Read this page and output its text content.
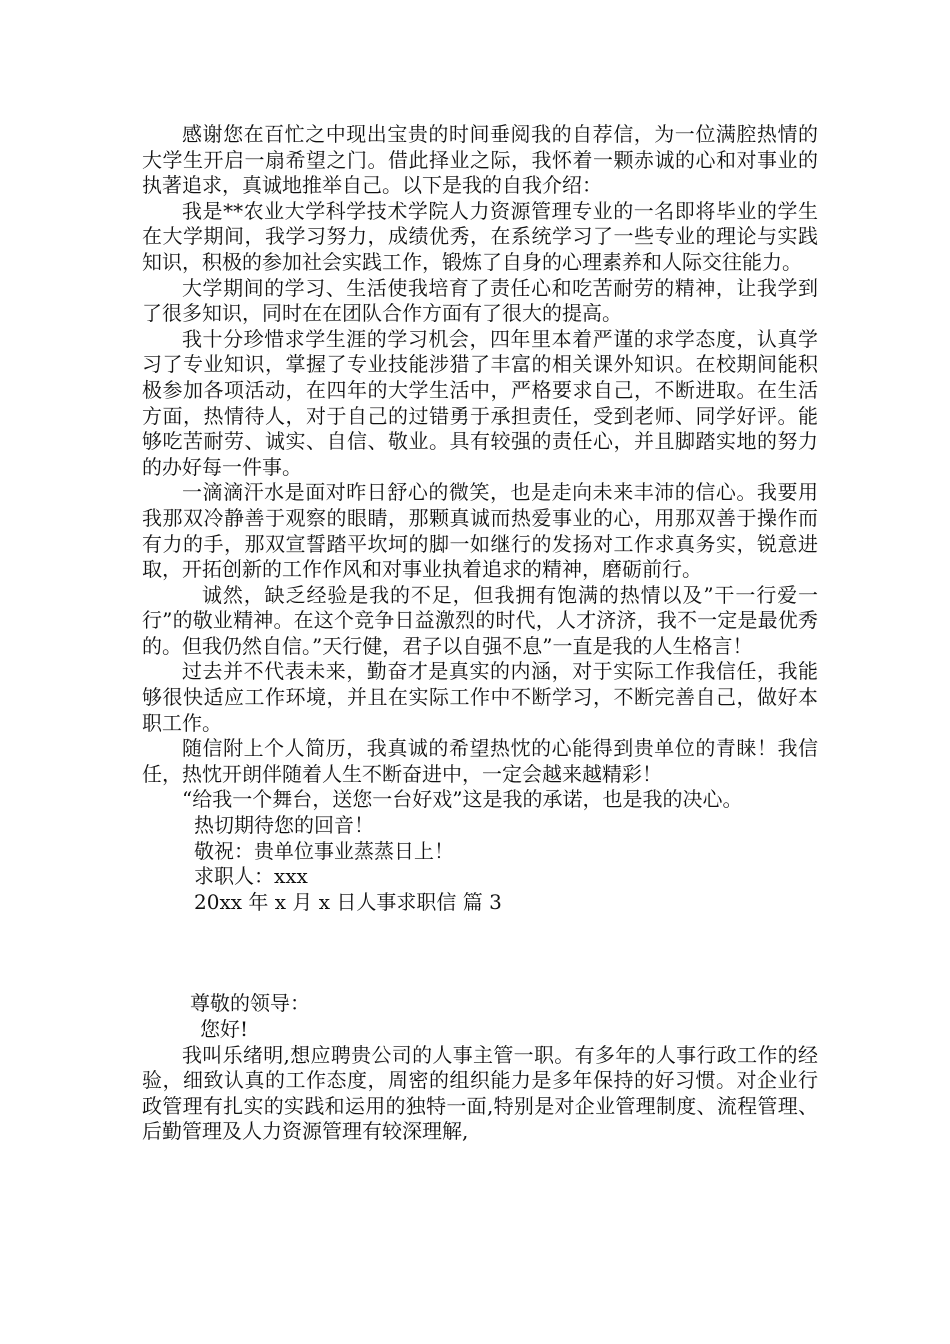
感谢您在百忙之中现出宝贵的时间垂阅我的自荐信，为一位满腔热情的大学生开启一扇希望之门。借此择业之际，我怀着一颗赤诚的心和对事业的执著追求，真诚地推举自己。以下是我的自我介绍：

我是**农业大学科学技术学院人力资源管理专业的一名即将毕业的学生在大学期间，我学习努力，成绩优秀，在系统学习了一些专业的理论与实践知识，积极的参加社会实践工作，锻炼了自身的心理素养和人际交往能力。

大学期间的学习、生活使我培育了责任心和吃苦耐劳的精神，让我学到了很多知识，同时在在团队合作方面有了很大的提高。

我十分珍惜求学生涯的学习机会，四年里本着严谨的求学态度，认真学习了专业知识，掌握了专业技能涉猎了丰富的相关课外知识。在校期间能积极参加各项活动，在四年的大学生活中，严格要求自己，不断进取。在生活方面，热情待人，对于自己的过错勇于承担责任，受到老师、同学好评。能够吃苦耐劳、诚实、自信、敬业。具有较强的责任心，并且脚踏实地的努力的办好每一件事。

一滴滴汗水是面对昨日舒心的微笑，也是走向未来丰沛的信心。我要用我那双冷静善于观察的眼睛，那颗真诚而热爱事业的心，用那双善于操作而有力的手，那双宣誓踏平坎坷的脚一如继行的发扬对工作求真务实，锐意进取，开拓创新的工作作风和对事业执着追求的精神，磨砺前行。

诚然，缺乏经验是我的不足，但我拥有饱满的热情以及”干一行爱一行”的敬业精神。在这个竞争日益激烈的时代，人才济济，我不一定是最优秀的。但我仍然自信。”天行健，君子以自强不息”一直是我的人生格言！

过去并不代表未来，勤奋才是真实的内涵，对于实际工作我信任，我能够很快适应工作环境，并且在实际工作中不断学习，不断完善自己，做好本职工作。

随信附上个人简历，我真诚的希望热忱的心能得到贵单位的青睐！我信任，热忱开朗伴随着人生不断奋进中，一定会越来越精彩！

“给我一个舞台，送您一台好戏”这是我的承诺，也是我的决心。

热切期待您的回音！

敬祝：贵单位事业蒸蒸日上！

求职人：xxx

20xx 年 x 月 x 日人事求职信 篇 3

尊敬的领导：

您好!

我叫乐绪明,想应聘贵公司的人事主管一职。有多年的人事行政工作的经验，细致认真的工作态度，周密的组织能力是多年保持的好习惯。对企业行政管理有扎实的实践和运用的独特一面,特别是对企业管理制度、流程管理、后勤管理及人力资源管理有较深理解,
